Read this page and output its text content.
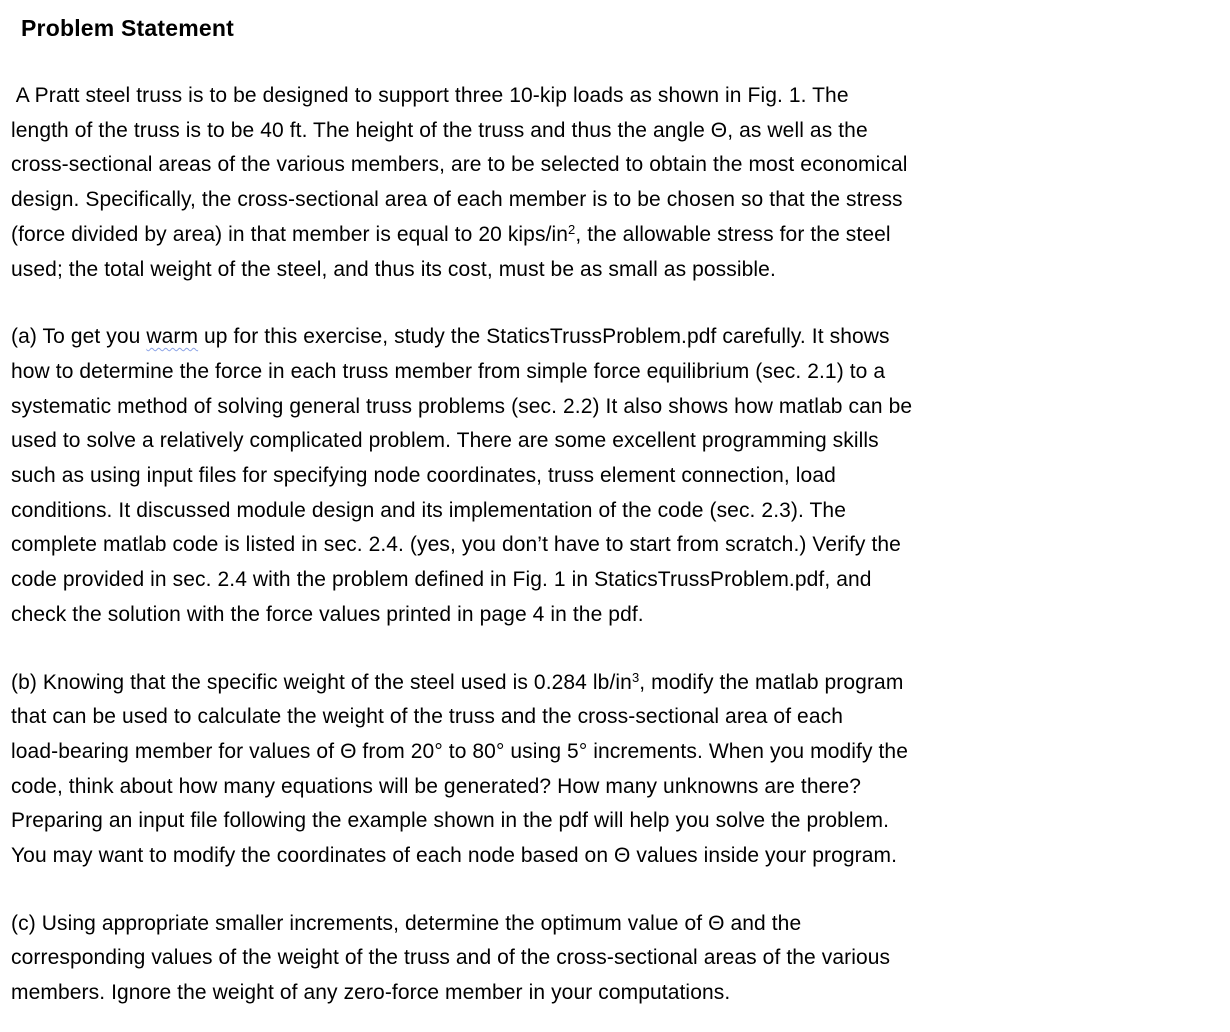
Problem Statement

A Pratt steel truss is to be designed to support three 10-kip loads as shown in Fig. 1. The
length of the truss is to be 40 ft. The height of the truss and thus the angle Θ, as well as the
cross-sectional areas of the various members, are to be selected to obtain the most economical
design. Specifically, the cross-sectional area of each member is to be chosen so that the stress
(force divided by area) in that member is equal to 20 kips/$in^2$, the allowable stress for the steel
used; the total weight of the steel, and thus its cost, must be as small as possible.

(a) To get you warm up for this exercise, study the StaticsTrussProblem.pdf carefully. It shows
how to determine the force in each truss member from simple force equilibrium (sec. 2.1) to a
systematic method of solving general truss problems (sec. 2.2) It also shows how matlab can be
used to solve a relatively complicated problem. There are some excellent programming skills
such as using input files for specifying node coordinates, truss element connection, load
conditions. It discussed module design and its implementation of the code (sec. 2.3). The
complete matlab code is listed in sec. 2.4. (yes, you don’t have to start from scratch.) Verify the
code provided in sec. 2.4 with the problem defined in Fig. 1 in StaticsTrussProblem.pdf, and
check the solution with the force values printed in page 4 in the pdf.

(b) Knowing that the specific weight of the steel used is 0.284 $lb/in^3$, modify the matlab program
that can be used to calculate the weight of the truss and the cross-sectional area of each
load-bearing member for values of Θ from 20° to 80° using 5° increments. When you modify the
code, think about how many equations will be generated? How many unknowns are there?
Preparing an input file following the example shown in the pdf will help you solve the problem.
You may want to modify the coordinates of each node based on Θ values inside your program.

(c) Using appropriate smaller increments, determine the optimum value of Θ and the
corresponding values of the weight of the truss and of the cross-sectional areas of the various
members. Ignore the weight of any zero-force member in your computations.
